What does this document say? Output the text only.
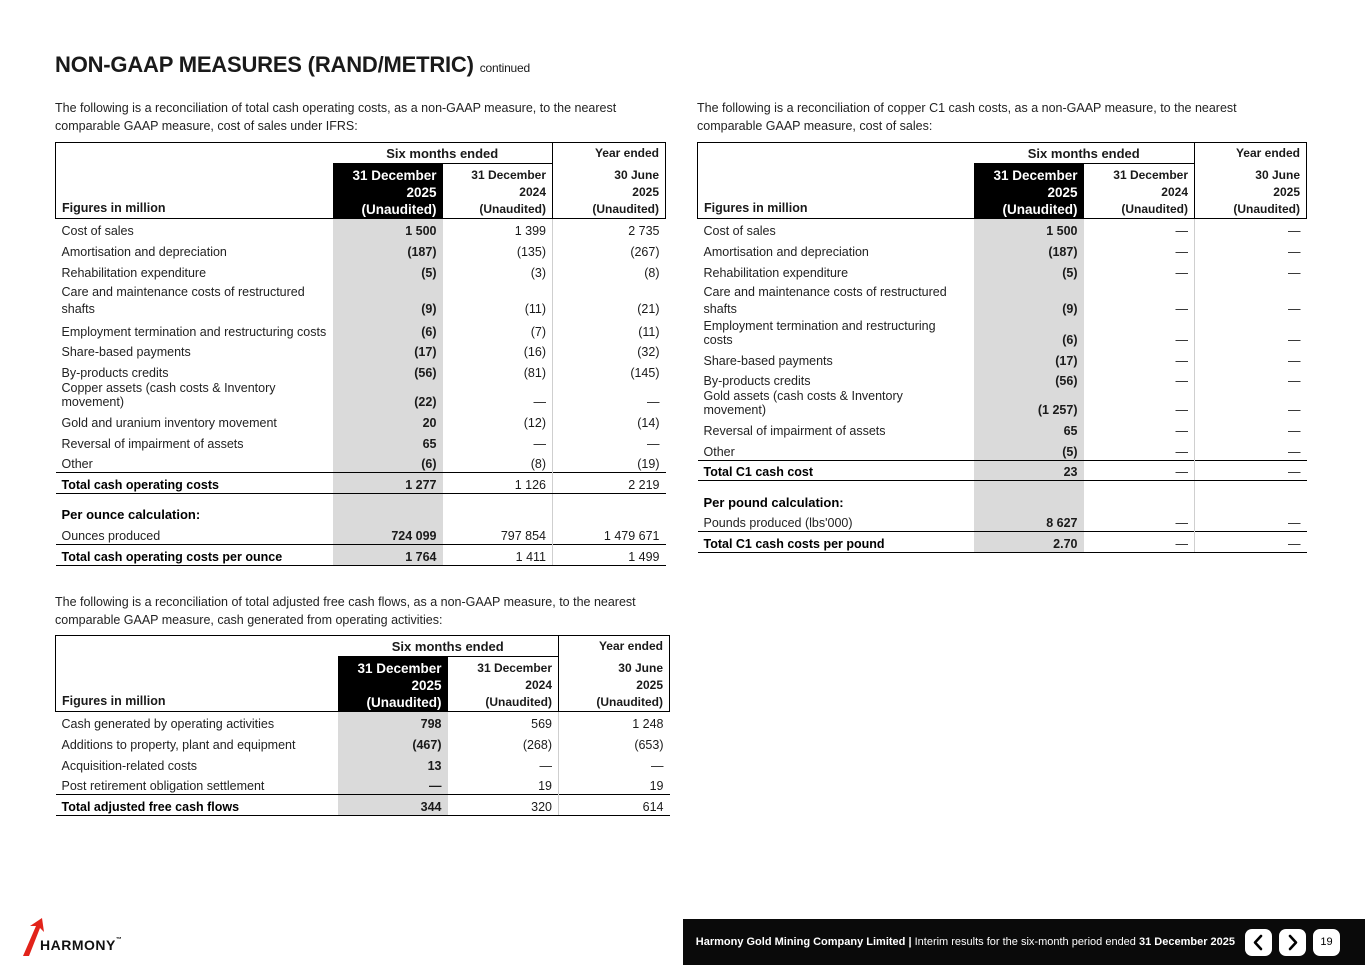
NON-GAAP MEASURES (RAND/METRIC) continued
The following is a reconciliation of total cash operating costs, as a non-GAAP measure, to the nearest comparable GAAP measure, cost of sales under IFRS:
	Six months ended		Year ended
Figures in million	31 December
2025
(Unaudited)	31 December
2024
(Unaudited)	30 June
2025
(Unaudited)
Cost of sales	1 500	1 399	2 735
Amortisation and depreciation	(187)	(135)	(267)
Rehabilitation expenditure	(5)	(3)	(8)
Care and maintenance costs of restructured shafts	(9)	(11)	(21)
Employment termination and restructuring costs	(6)	(7)	(11)
Share-based payments	(17)	(16)	(32)
By-products credits	(56)	(81)	(145)
Copper assets (cash costs & Inventory movement)	(22)	—	—
Gold and uranium inventory movement	20	(12)	(14)
Reversal of impairment of assets	65	—	—
Other	(6)	(8)	(19)
Total cash operating costs	1 277	1 126	2 219
Per ounce calculation:			
Ounces produced	724 099	797 854	1 479 671
Total cash operating costs per ounce	1 764	1 411	1 499
The following is a reconciliation of copper C1 cash costs, as a non-GAAP measure, to the nearest comparable GAAP measure, cost of sales:
	Six months ended		Year ended
Figures in million	31 December
2025
(Unaudited)	31 December
2024
(Unaudited)	30 June
2025
(Unaudited)
Cost of sales	1 500	—	—
Amortisation and depreciation	(187)	—	—
Rehabilitation expenditure	(5)	—	—
Care and maintenance costs of restructured shafts	(9)	—	—
Employment termination and restructuring costs	(6)	—	—
Share-based payments	(17)	—	—
By-products credits	(56)	—	—
Gold assets (cash costs & Inventory movement)	(1 257)	—	—
Reversal of impairment of assets	65	—	—
Other	(5)	—	—
Total C1 cash cost	23	—	—
Per pound calculation:			
Pounds produced (lbs'000)	8 627	—	—
Total C1 cash costs per pound	2.70	—	—
The following is a reconciliation of total adjusted free cash flows, as a non-GAAP measure, to the nearest comparable GAAP measure, cash generated from operating activities:
	Six months ended		Year ended
Figures in million	31 December
2025
(Unaudited)	31 December
2024
(Unaudited)	30 June
2025
(Unaudited)
Cash generated by operating activities	798	569	1 248
Additions to property, plant and equipment	(467)	(268)	(653)
Acquisition-related costs	13	—	—
Post retirement obligation settlement	—	19	19
Total adjusted free cash flows	344	320	614
HARMONY™	Harmony Gold Mining Company Limited | Interim results for the six-month period ended 31 December 2025	19
